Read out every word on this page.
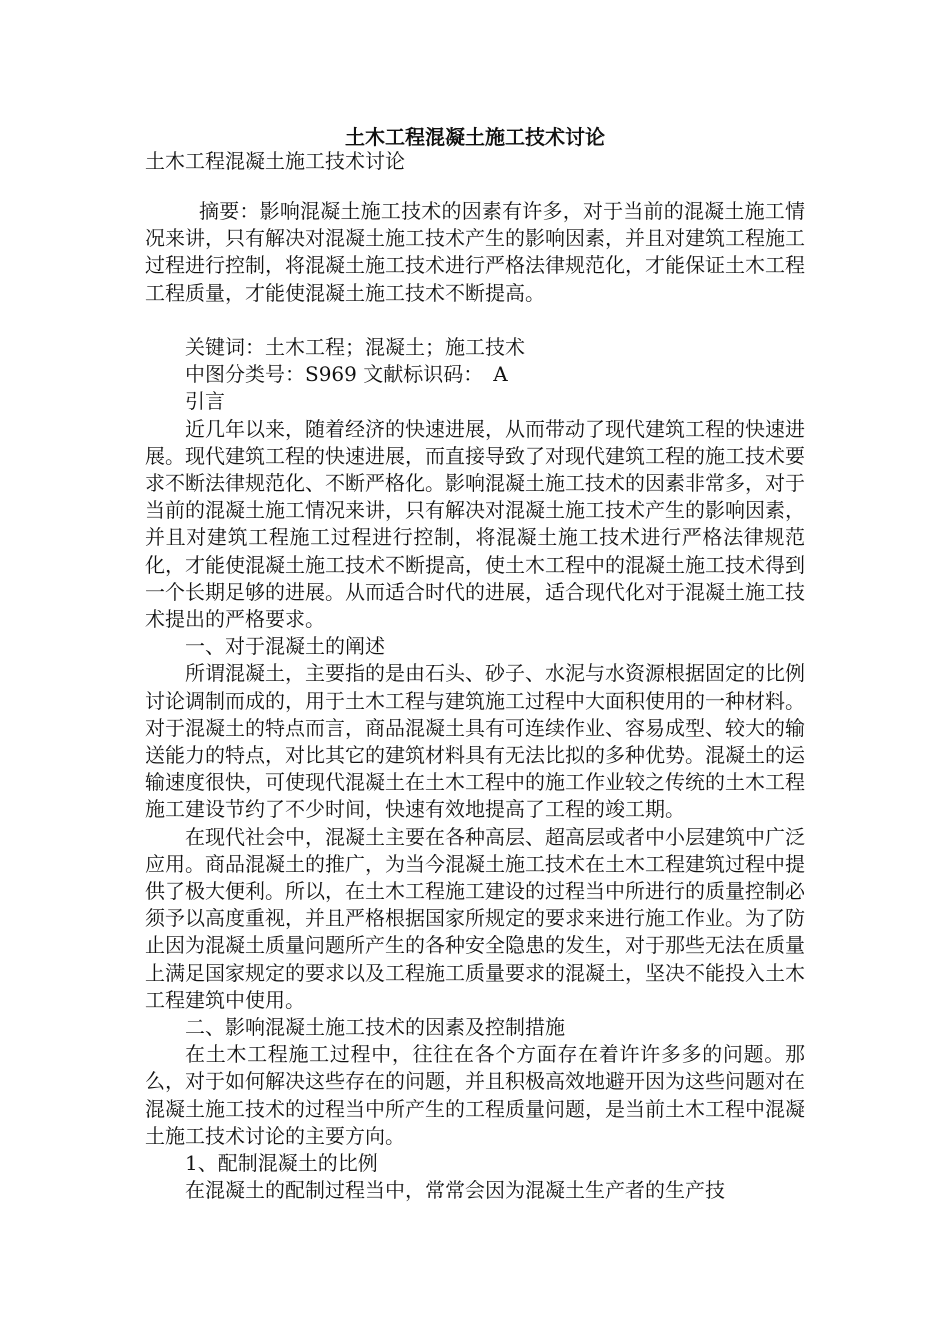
土木工程混凝土施工技术讨论
土木工程混凝土施工技术讨论

摘要：影响混凝土施工技术的因素有许多，对于当前的混凝土施工情况来讲，只有解决对混凝土施工技术产生的影响因素，并且对建筑工程施工过程进行控制，将混凝土施工技术进行严格法律规范化，才能保证土木工程工程质量，才能使混凝土施工技术不断提高。

关键词：土木工程；混凝土；施工技术

中图分类号：S969 文献标识码：　A

引言

近几年以来，随着经济的快速进展，从而带动了现代建筑工程的快速进展。现代建筑工程的快速进展，而直接导致了对现代建筑工程的施工技术要求不断法律规范化、不断严格化。影响混凝土施工技术的因素非常多，对于当前的混凝土施工情况来讲，只有解决对混凝土施工技术产生的影响因素，并且对建筑工程施工过程进行控制，将混凝土施工技术进行严格法律规范化，才能使混凝土施工技术不断提高，使土木工程中的混凝土施工技术得到一个长期足够的进展。从而适合时代的进展，适合现代化对于混凝土施工技术提出的严格要求。

一、对于混凝土的阐述

所谓混凝土，主要指的是由石头、砂子、水泥与水资源根据固定的比例讨论调制而成的，用于土木工程与建筑施工过程中大面积使用的一种材料。对于混凝土的特点而言，商品混凝土具有可连续作业、容易成型、较大的输送能力的特点，对比其它的建筑材料具有无法比拟的多种优势。混凝土的运输速度很快，可使现代混凝土在土木工程中的施工作业较之传统的土木工程施工建设节约了不少时间，快速有效地提高了工程的竣工期。

在现代社会中，混凝土主要在各种高层、超高层或者中小层建筑中广泛应用。商品混凝土的推广，为当今混凝土施工技术在土木工程建筑过程中提供了极大便利。所以，在土木工程施工建设的过程当中所进行的质量控制必须予以高度重视，并且严格根据国家所规定的要求来进行施工作业。为了防止因为混凝土质量问题所产生的各种安全隐患的发生，对于那些无法在质量上满足国家规定的要求以及工程施工质量要求的混凝土，坚决不能投入土木工程建筑中使用。

二、影响混凝土施工技术的因素及控制措施

在土木工程施工过程中，往往在各个方面存在着许许多多的问题。那么，对于如何解决这些存在的问题，并且积极高效地避开因为这些问题对在混凝土施工技术的过程当中所产生的工程质量问题，是当前土木工程中混凝土施工技术讨论的主要方向。

1、配制混凝土的比例

在混凝土的配制过程当中，常常会因为混凝土生产者的生产技
